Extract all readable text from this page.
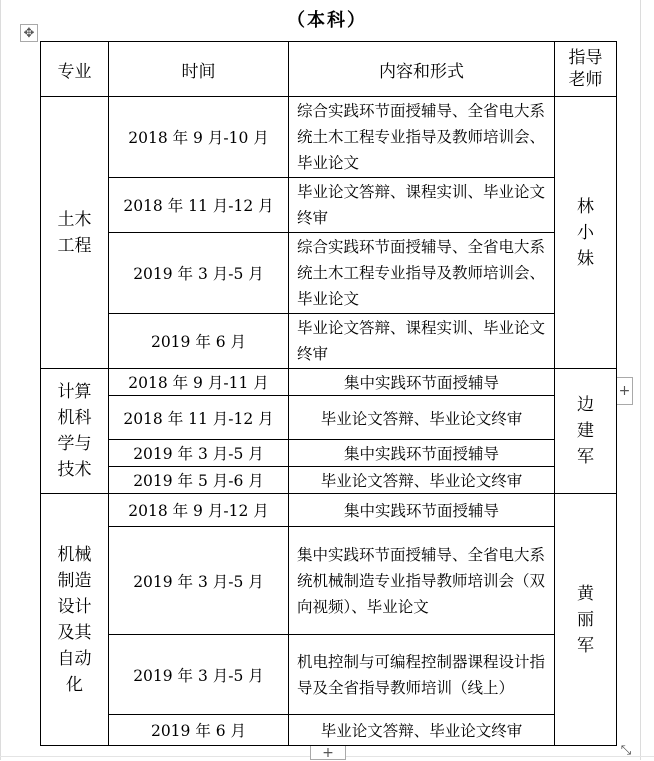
（本科）
✥
+
+	⤡
专业	时间	内容和形式	指导老师
土木工程	2018 年 9 月-10 月	综合实践环节面授辅导、全省电大系统土木工程专业指导及教师培训会、毕业论文	林小妹
	2018 年 11 月-12 月	毕业论文答辩、课程实训、毕业论文终审	
	2019 年 3 月-5 月	综合实践环节面授辅导、全省电大系统土木工程专业指导及教师培训会、毕业论文	
	2019 年 6 月	毕业论文答辩、课程实训、毕业论文终审	
计算机科学与技术	2018 年 9 月-11 月	集中实践环节面授辅导	边建军
	2018 年 11 月-12 月	毕业论文答辩、毕业论文终审	
	2019 年 3 月-5 月	集中实践环节面授辅导	
	2019 年 5 月-6 月	毕业论文答辩、毕业论文终审	
机械制造设计及其自动化	2018 年 9 月-12 月	集中实践环节面授辅导	黄丽军
	2019 年 3 月-5 月	集中实践环节面授辅导、全省电大系统机械制造专业指导教师培训会（双向视频）、毕业论文	
	2019 年 3 月-5 月	机电控制与可编程控制器课程设计指导及全省指导教师培训（线上）	
	2019 年 6 月	毕业论文答辩、毕业论文终审	
